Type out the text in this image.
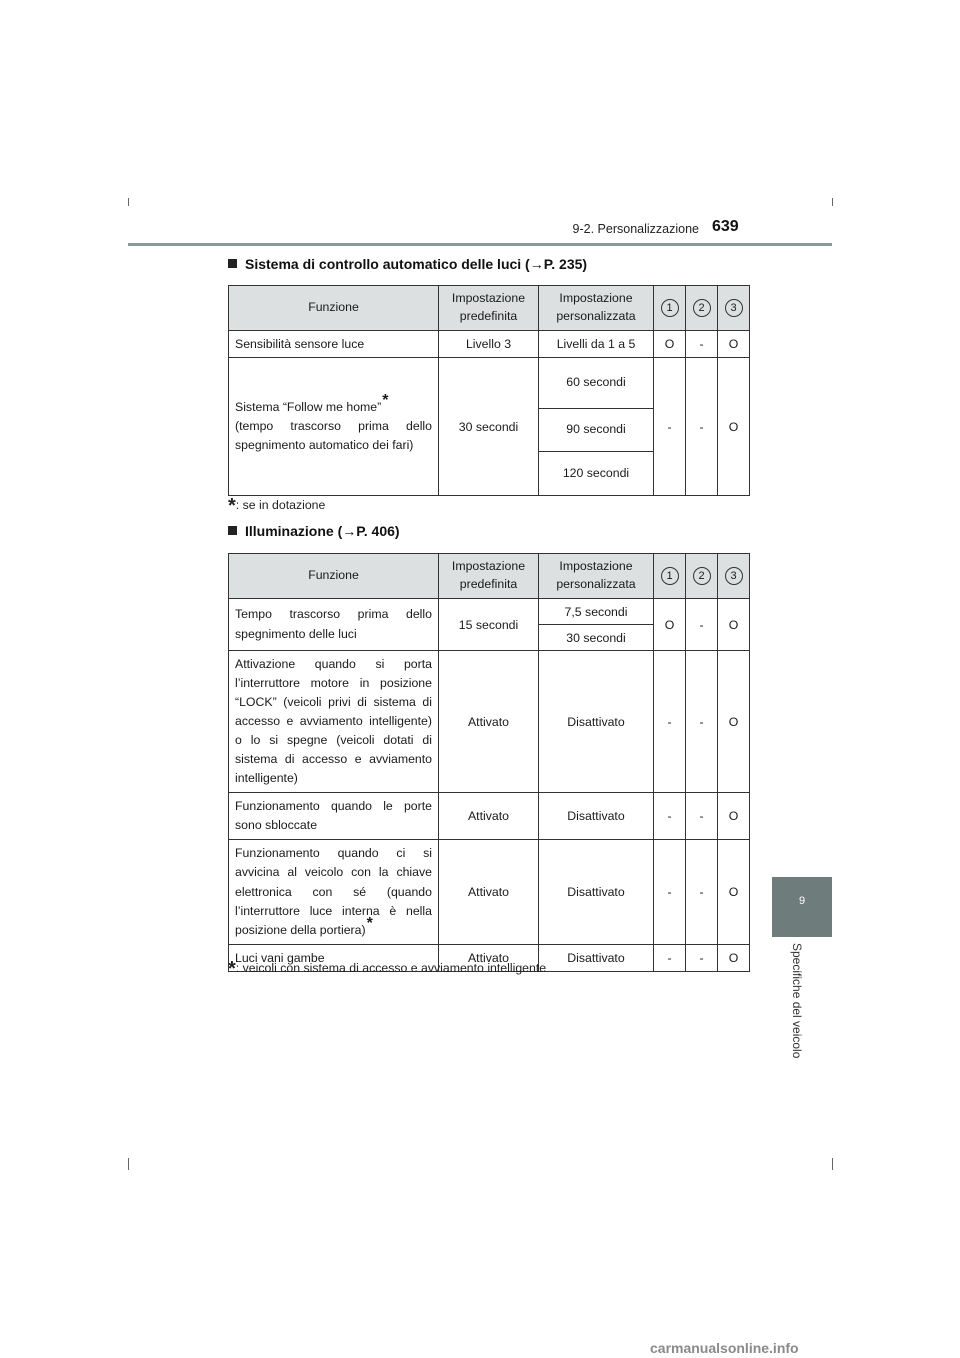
9-2. Personalizzazione 639
9
Specifiche del veicolo
Sistema di controllo automatico delle luci (→P. 235)
Funzione	Impostazione predefinita	Impostazione personalizzata	1	2	3
Sensibilità sensore luce	Livello 3	Livelli da 1 a 5	O	-	O
Sistema “Follow me home”*
(tempo trascorso prima dello spegnimento automatico dei fari)	30 secondi	60 secondi	-	-	O
		90 secondi			
		120 secondi			
*: se in dotazione
Illuminazione (→P. 406)
Funzione	Impostazione predefinita	Impostazione personalizzata	1	2	3
Tempo trascorso prima dello spegnimento delle luci	15 secondi	7,5 secondi	O	-	O
		30 secondi			
Attivazione quando si porta l’interruttore motore in posizione “LOCK” (veicoli privi di sistema di accesso e avviamento intelligente) o lo si spegne (veicoli dotati di sistema di accesso e avviamento intelligente)	Attivato	Disattivato	-	-	O
Funzionamento quando le porte sono sbloccate	Attivato	Disattivato	-	-	O
Funzionamento quando ci si avvicina al veicolo con la chiave elettronica con sé (quando l’interruttore luce interna è nella posizione della portiera)*	Attivato	Disattivato	-	-	O
Luci vani gambe	Attivato	Disattivato	-	-	O
*: veicoli con sistema di accesso e avviamento intelligente
carmanualsonline.info
